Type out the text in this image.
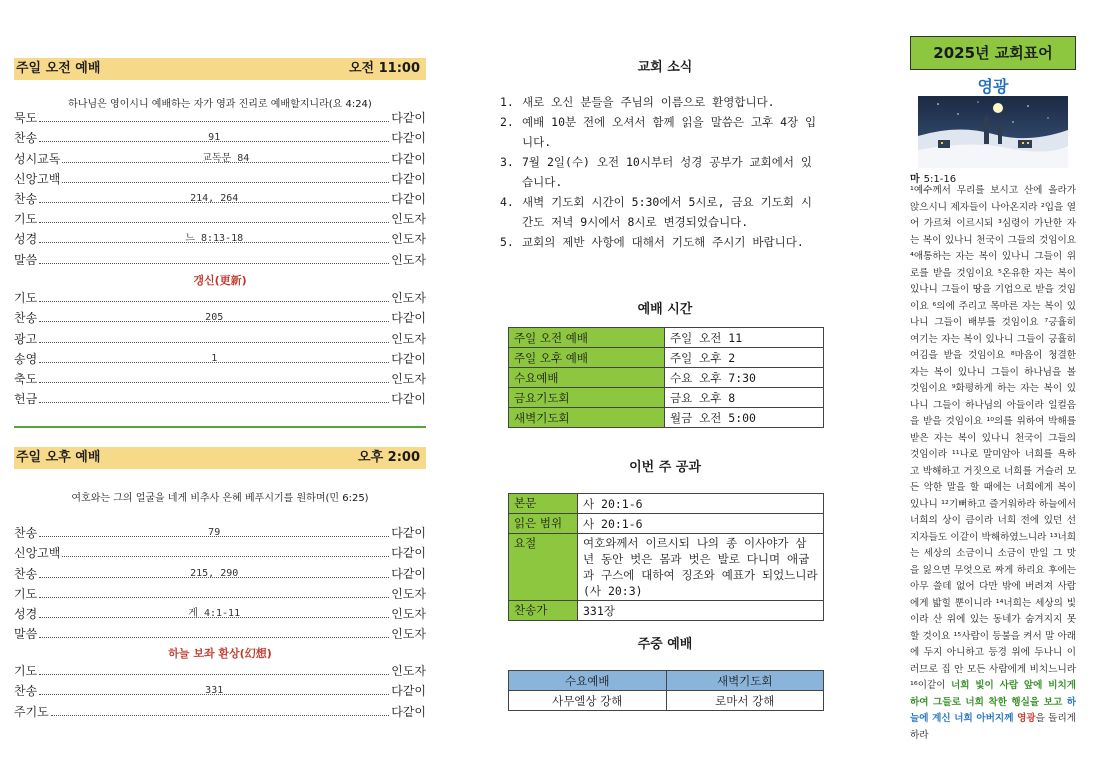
주일 오전 예배	오전 11:00
하나님은 영이시니 예배하는 자가 영과 진리로 예배할지니라(요 4:24)
묵도	다같이
찬송	91	다같이
성시교독	교독문 84	다같이
신앙고백	다같이
찬송	214, 264	다같이
기도	인도자
성경	느 8:13-18	인도자
말씀	인도자
갱신(更新)
기도	인도자
찬송	205	다같이
광고	인도자
송영	1	다같이
축도	인도자
헌금	다같이
주일 오후 예배	오후 2:00
여호와는 그의 얼굴을 네게 비추사 은혜 베푸시기를 원하며(민 6:25)
찬송	79	다같이
신앙고백	다같이
찬송	215, 290	다같이
기도	인도자
성경	게 4:1-11	인도자
말씀	인도자
하늘 보좌 환상(幻想)
기도	인도자
찬송	331	다같이
주기도	다같이
교회 소식
1. 새로 오신 분들을 주님의 이름으로 환영합니다.
2. 예배 10분 전에 오셔서 함께 읽을 말씀은 고후 4장 입니다.
3. 7월 2일(수) 오전 10시부터 성경 공부가 교회에서 있습니다.
4. 새벽 기도회 시간이 5:30에서 5시로, 금요 기도회 시간도 저녁 9시에서 8시로 변경되었습니다.
5. 교회의 제반 사항에 대해서 기도해 주시기 바랍니다.
예배 시간
주일 오전 예배	주일 오전 11
주일 오후 예배	주일 오후 2
수요예배	수요 오후 7:30
금요기도회	금요 오후 8
새벽기도회	월금 오전 5:00
이번 주 공과
본문	사 20:1-6
읽은 범위	사 20:1-6
요절	여호와께서 이르시되 나의 종 이사야가 삼 년 동안 벗은 몸과 벗은 발로 다니며 애굽과 구스에 대하여 징조와 예표가 되었느니라(사 20:3)
찬송가	331장
주중 예배
수요예배	새벽기도회
사무엘상 강해	로마서 강해
2025년 교회표어
영광
마 5:1-16
¹예수께서 무리를 보시고 산에 올라가 앉으시니 제자들이 나아온지라 ²입을 열어 가르쳐 이르시되 ³심령이 가난한 자는 복이 있나니 천국이 그들의 것임이요 ⁴애통하는 자는 복이 있나니 그들이 위로를 받을 것임이요 ⁵온유한 자는 복이 있나니 그들이 땅을 기업으로 받을 것임이요 ⁶의에 주리고 목마른 자는 복이 있나니 그들이 배부를 것임이요 ⁷긍휼히 여기는 자는 복이 있나니 그들이 긍휼히 여김을 받을 것임이요 ⁸마음이 청결한 자는 복이 있나니 그들이 하나님을 볼 것임이요 ⁹화평하게 하는 자는 복이 있나니 그들이 하나님의 아들이라 일컬음을 받을 것임이요 ¹⁰의를 위하여 박해를 받은 자는 복이 있나니 천국이 그들의 것임이라 ¹¹나로 말미암아 너희를 욕하고 박해하고 거짓으로 너희를 거슬러 모든 악한 말을 할 때에는 너희에게 복이 있나니 ¹²기뻐하고 즐거워하라 하늘에서 너희의 상이 큼이라 너희 전에 있던 선지자들도 이같이 박해하였느니라 ¹³너희는 세상의 소금이니 소금이 만일 그 맛을 잃으면 무엇으로 짜게 하리요 후에는 아무 쓸데 없어 다만 밖에 버려져 사람에게 밟힐 뿐이니라 ¹⁴너희는 세상의 빛이라 산 위에 있는 동네가 숨겨지지 못할 것이요 ¹⁵사람이 등불을 켜서 말 아래에 두지 아니하고 등경 위에 두나니 이러므로 집 안 모든 사람에게 비치느니라 ¹⁶이같이 너희 빛이 사람 앞에 비치게 하여 그들로 너희 착한 행실을 보고 하늘에 계신 너희 아버지께 영광을 돌리게 하라
